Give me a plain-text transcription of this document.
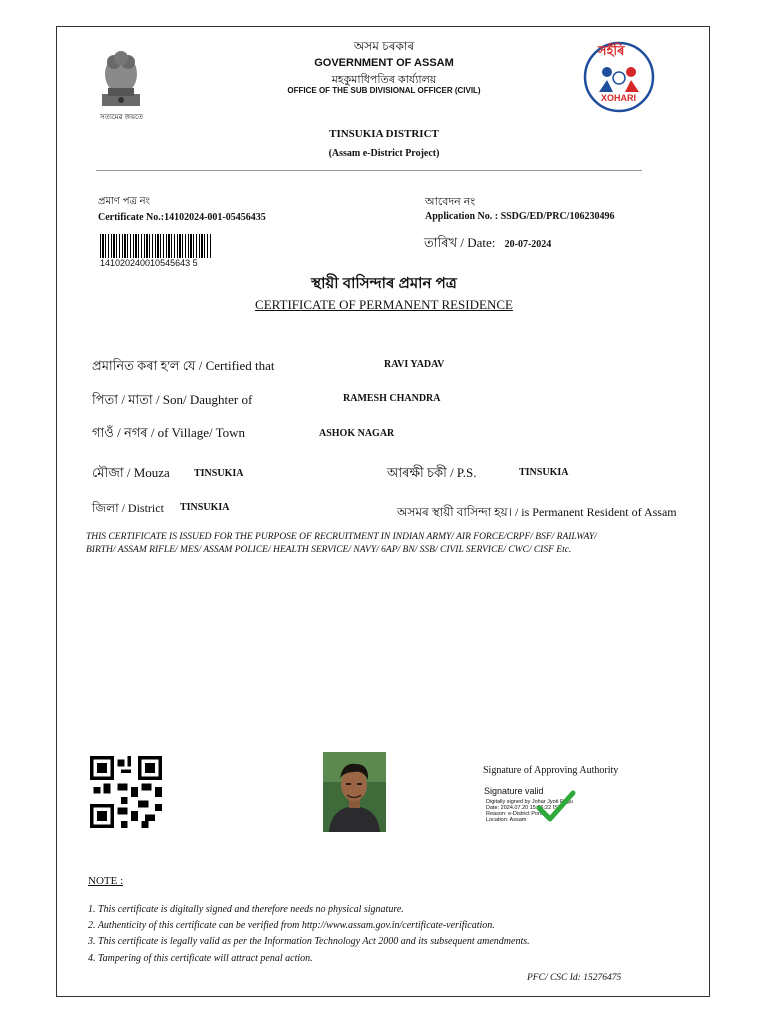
সত্যমেৱ জয়তে
সহঁৰি
XOHARI
অসম চৰকাৰ
GOVERNMENT OF ASSAM
মহকুমাধিপতিৰ কাৰ্য্যালয়
OFFICE OF THE SUB DIVISIONAL OFFICER (CIVIL)
TINSUKIA DISTRICT
(Assam e-District Project)
প্ৰমাণ পত্ৰ নং
Certificate No.:14102024-001-05456435
141020240010545643 5
আবেদন নং
Application No. : SSDG/ED/PRC/106230496
তাৰিখ / Date: 20-07-2024
স্থায়ী বাসিন্দাৰ প্ৰমান পত্ৰ
CERTIFICATE OF PERMANENT RESIDENCE
প্ৰমানিত কৰা হ'ল যে / Certified that	RAVI YADAV
পিতা / মাতা / Son/ Daughter of	RAMESH CHANDRA
গাওঁ / নগৰ / of Village/ Town	ASHOK NAGAR
মৌজা / Mouza TINSUKIA	আৰক্ষী চকী / P.S.	TINSUKIA
জিলা / District TINSUKIA	অসমৰ স্থায়ী বাসিন্দা হয়। / is Permanent Resident of Assam
THIS CERTIFICATE IS ISSUED FOR THE PURPOSE OF RECRUITMENT IN INDIAN ARMY/ AIR FORCE/CRPF/ BSF/ RAILWAY/
BIRTH/ ASSAM RIFLE/ MES/ ASSAM POLICE/ HEALTH SERVICE/ NAVY/ 6AP/ BN/ SSB/ CIVIL SERVICE/ CWC/ CISF Etc.
Signature of Approving Authority
Signature valid
Digitally signed by Johar Jyoti Pegu
Date: 2024.07.20 15:36:22 IST
Reason: e-District Portal
Location: Assam
NOTE :
1. This certificate is digitally signed and therefore needs no physical signature.
2. Authenticity of this certificate can be verified from http://www.assam.gov.in/certificate-verification.
3. This certificate is legally valid as per the Information Technology Act 2000 and its subsequent amendments.
4. Tampering of this certificate will attract penal action.
PFC/ CSC Id: 15276475
